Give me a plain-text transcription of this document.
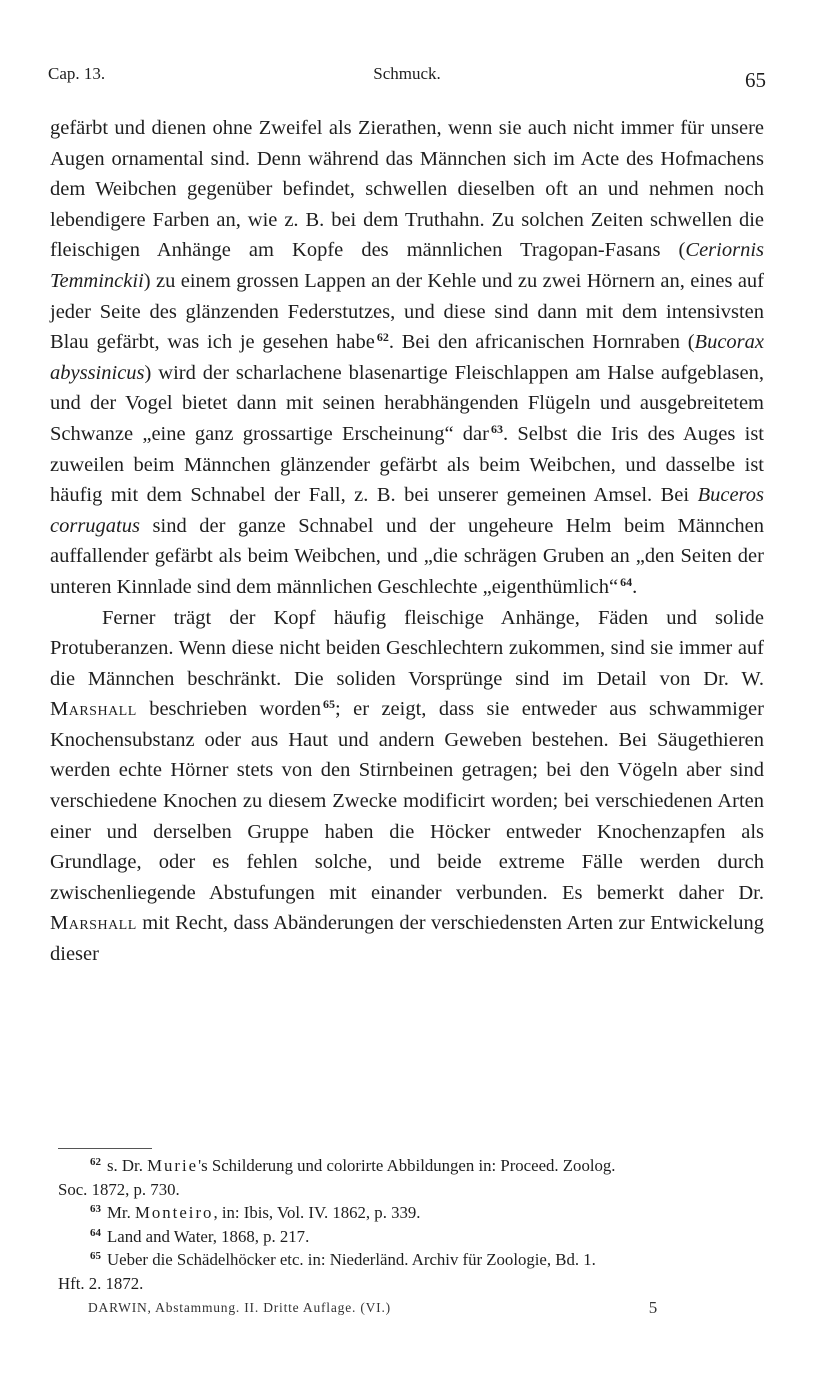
Cap. 13.	Schmuck.	65

gefärbt und dienen ohne Zweifel als Zierathen, wenn sie auch nicht immer für unsere Augen ornamental sind. Denn während das Männchen sich im Acte des Hofmachens dem Weibchen gegenüber befindet, schwellen dieselben oft an und nehmen noch lebendigere Farben an, wie z. B. bei dem Truthahn. Zu solchen Zeiten schwellen die fleischigen Anhänge am Kopfe des männlichen Tragopan-Fasans (Ceriornis Temminckii) zu einem grossen Lappen an der Kehle und zu zwei Hörnern an, eines auf jeder Seite des glänzenden Federstutzes, und diese sind dann mit dem intensivsten Blau gefärbt, was ich je gesehen habe $^{62}$. Bei den africanischen Hornraben (Bucorax abyssinicus) wird der scharlachene blasenartige Fleischlappen am Halse aufgeblasen, und der Vogel bietet dann mit seinen herabhängenden Flügeln und ausgebreitetem Schwanze „eine ganz grossartige Erscheinung“ dar $^{63}$. Selbst die Iris des Auges ist zuweilen beim Männchen glänzender gefärbt als beim Weibchen, und dasselbe ist häufig mit dem Schnabel der Fall, z. B. bei unserer gemeinen Amsel. Bei Buceros corrugatus sind der ganze Schnabel und der ungeheure Helm beim Männchen auffallender gefärbt als beim Weibchen, und „die schrägen Gruben an „den Seiten der unteren Kinnlade sind dem männlichen Geschlechte „eigenthümlich“ $^{64}$.

Ferner trägt der Kopf häufig fleischige Anhänge, Fäden und solide Protuberanzen. Wenn diese nicht beiden Geschlechtern zukommen, sind sie immer auf die Männchen beschränkt. Die soliden Vorsprünge sind im Detail von Dr. W. Marshall beschrieben worden $^{65}$; er zeigt, dass sie entweder aus schwammiger Knochensubstanz oder aus Haut und andern Geweben bestehen. Bei Säugethieren werden echte Hörner stets von den Stirnbeinen getragen; bei den Vögeln aber sind verschiedene Knochen zu diesem Zwecke modificirt worden; bei verschiedenen Arten einer und derselben Gruppe haben die Höcker entweder Knochenzapfen als Grundlage, oder es fehlen solche, und beide extreme Fälle werden durch zwischenliegende Abstufungen mit einander verbunden. Es bemerkt daher Dr. Marshall mit Recht, dass Abänderungen der verschiedensten Arten zur Entwickelung dieser

$^{62}$ s. Dr. Murie's Schilderung und colorirte Abbildungen in: Proceed. Zoolog.

Soc. 1872, p. 730.

$^{63}$ Mr. Monteiro, in: Ibis, Vol. IV. 1862, p. 339.

$^{64}$ Land and Water, 1868, p. 217.

$^{65}$ Ueber die Schädelhöcker etc. in: Niederländ. Archiv für Zoologie, Bd. 1.

Hft. 2. 1872.

DARWIN, Abstammung. II. Dritte Auflage. (VI.)	5
